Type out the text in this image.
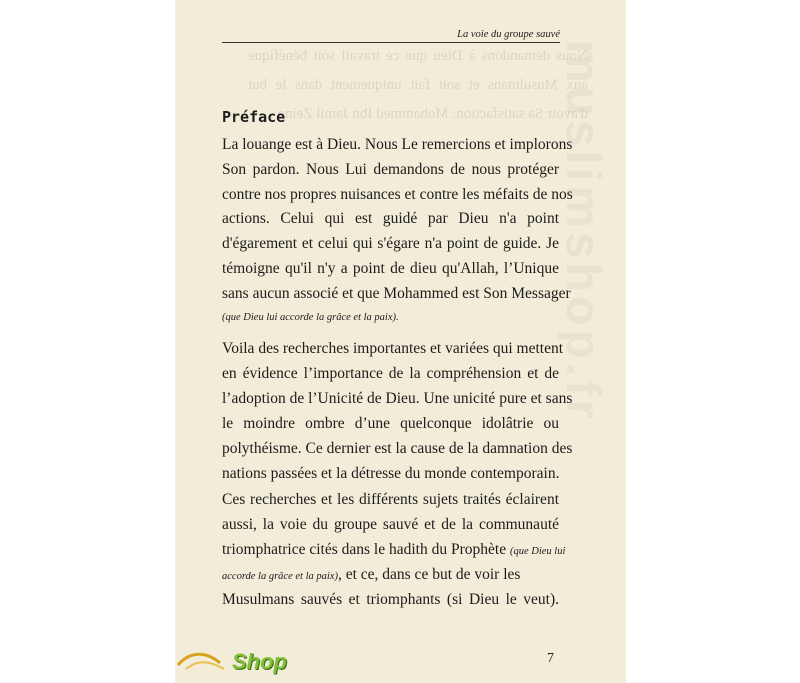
La voie du groupe sauvé
Préface
La louange est à Dieu. Nous Le remercions et implorons
Son pardon. Nous Lui demandons de nous protéger
contre nos propres nuisances et contre les méfaits de nos
actions. Celui qui est guidé par Dieu n'a point
d'égarement et celui qui s'égare n'a point de guide. Je
témoigne qu'il n'y a point de dieu qu'Allah, l’Unique
sans aucun associé et que Mohammed est Son Messager
(que Dieu lui accorde la grâce et la paix).
Voila des recherches importantes et variées qui mettent
en évidence l’importance de la compréhension et de
l’adoption de l’Unicité de Dieu. Une unicité pure et sans
le moindre ombre d’une quelconque idolâtrie ou
polythéisme. Ce dernier est la cause de la damnation des
nations passées et la détresse du monde contemporain.
Ces recherches et les différents sujets traités éclairent
aussi, la voie du groupe sauvé et de la communauté
triomphatrice cités dans le hadith du Prophète (que Dieu lui
accorde la grâce et la paix), et ce, dans ce but de voir les
Musulmans sauvés et triomphants (si Dieu le veut).
Shop	7
